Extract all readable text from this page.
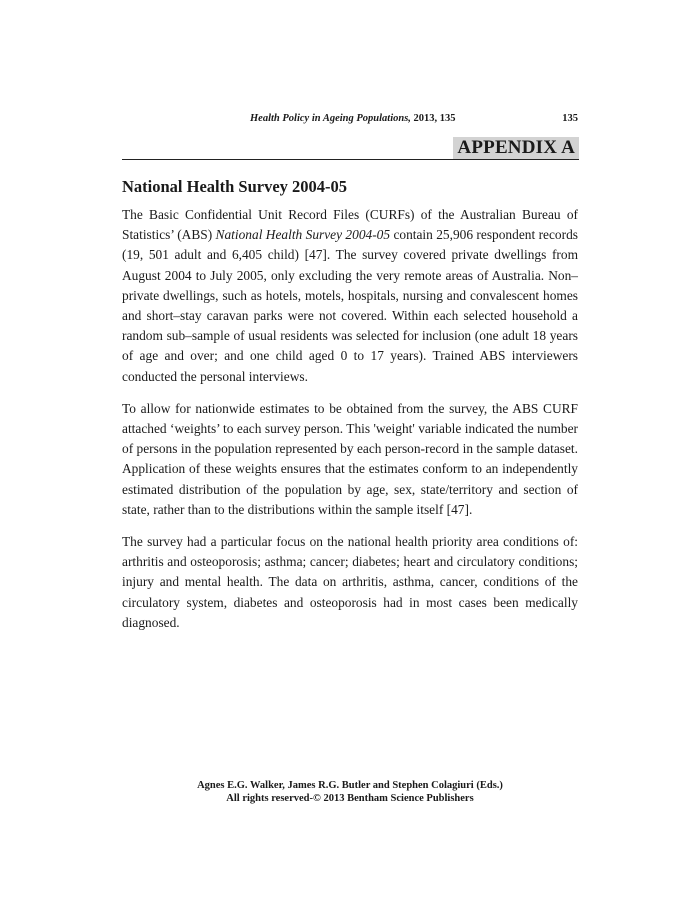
Health Policy in Ageing Populations, 2013, 135	135
APPENDIX A
National Health Survey 2004-05

The Basic Confidential Unit Record Files (CURFs) of the Australian Bureau of Statistics’ (ABS) National Health Survey 2004-05 contain 25,906 respondent records (19, 501 adult and 6,405 child) [47]. The survey covered private dwellings from August 2004 to July 2005, only excluding the very remote areas of Australia. Non–private dwellings, such as hotels, motels, hospitals, nursing and convalescent homes and short–stay caravan parks were not covered. Within each selected household a random sub–sample of usual residents was selected for inclusion (one adult 18 years of age and over; and one child aged 0 to 17 years). Trained ABS interviewers conducted the personal interviews.

To allow for nationwide estimates to be obtained from the survey, the ABS CURF attached ‘weights’ to each survey person. This 'weight' variable indicated the number of persons in the population represented by each person-record in the sample dataset. Application of these weights ensures that the estimates conform to an independently estimated distribution of the population by age, sex, state/territory and section of state, rather than to the distributions within the sample itself [47].

The survey had a particular focus on the national health priority area conditions of: arthritis and osteoporosis; asthma; cancer; diabetes; heart and circulatory conditions; injury and mental health. The data on arthritis, asthma, cancer, conditions of the circulatory system, diabetes and osteoporosis had in most cases been medically diagnosed.

Agnes E.G. Walker, James R.G. Butler and Stephen Colagiuri (Eds.)
All rights reserved-© 2013 Bentham Science Publishers
